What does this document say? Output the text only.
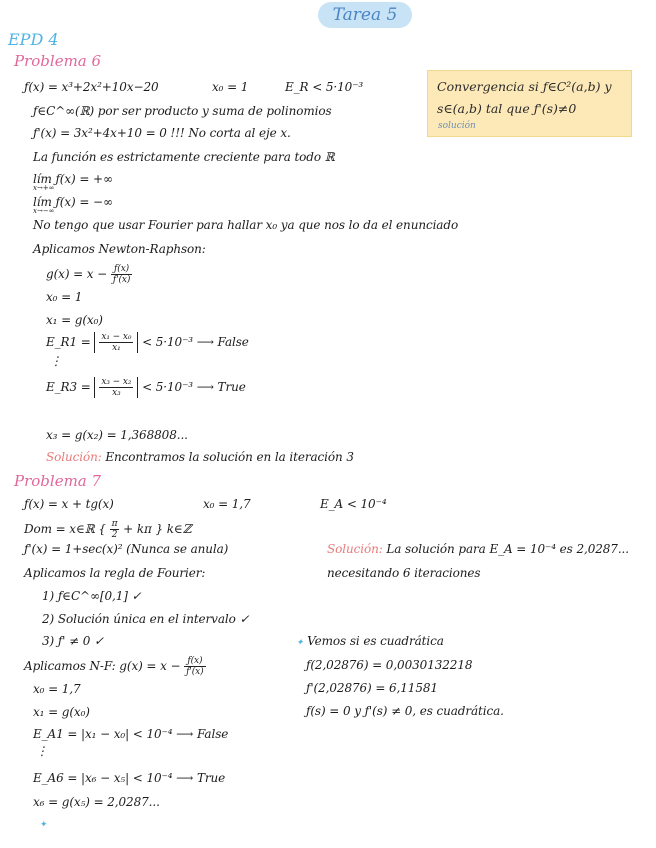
Tarea 5
EPD 4
Problema 6
ƒ(x) = x³+2x²+10x−20	x₀ = 1	E_R < 5·10⁻³
ƒ∈C^∞(ℝ) por ser producto y suma de polinomios
ƒ'(x) = 3x²+4x+10 = 0 !!! No corta al eje x.
La función es estrictamente creciente para todo ℝ
lím ƒ(x) = +∞
x→+∞
lím ƒ(x) = −∞
x→−∞
No tengo que usar Fourier para hallar x₀ ya que nos lo da el enunciado
Aplicamos Newton-Raphson:
$g(x) = x - \frac{ƒ(x)}{ƒ'(x)}$
x₀ = 1
x₁ = g(x₀)
E_R1 = $\frac{\text{x₁ − x₀}}{\text{x₁}} < 5\cdot 10^{-3}$ ⟶ False
⋮
E_R3 = $\frac{\text{x₃ − x₂}}{\text{x₃}} < 5\cdot 10^{-3}$ ⟶ True
x₃ = g(x₂) = 1,368808...
Solución: Encontramos la solución en la iteración 3
Convergencia si ƒ∈C²(a,b) y
s∈(a,b) tal que ƒ'(s)≠0
solución
Problema 7
ƒ(x) = x + tg(x)	x₀ = 1,7	E_A < 10⁻⁴
Dom = x∈ℝ { $\frac{\pi}{2} + k\pi$ } k∈ℤ
ƒ'(x) = 1+sec(x)² (Nunca se anula)
Aplicamos la regla de Fourier:
1) ƒ∈C^∞[0,1] ✓
2) Solución única en el intervalo ✓
3) ƒ' ≠ 0 ✓
Aplicamos N-F: $g(x) = x - \frac{ƒ(x)}{ƒ'(x)}$
x₀ = 1,7
x₁ = g(x₀)
E_A1 = |x₁ − x₀| < 10⁻⁴ ⟶ False
⋮
E_A6 = |x₆ − x₅| < 10⁻⁴ ⟶ True
x₆ = g(x₅) = 2,0287...
✦
Solución: La solución para E_A = 10⁻⁴ es 2,0287...
necesitando 6 iteraciones
✦ Vemos si es cuadrática
ƒ(2,02876) = 0,0030132218
ƒ'(2,02876) = 6,11581
ƒ(s) = 0 y ƒ'(s) ≠ 0, es cuadrática.
